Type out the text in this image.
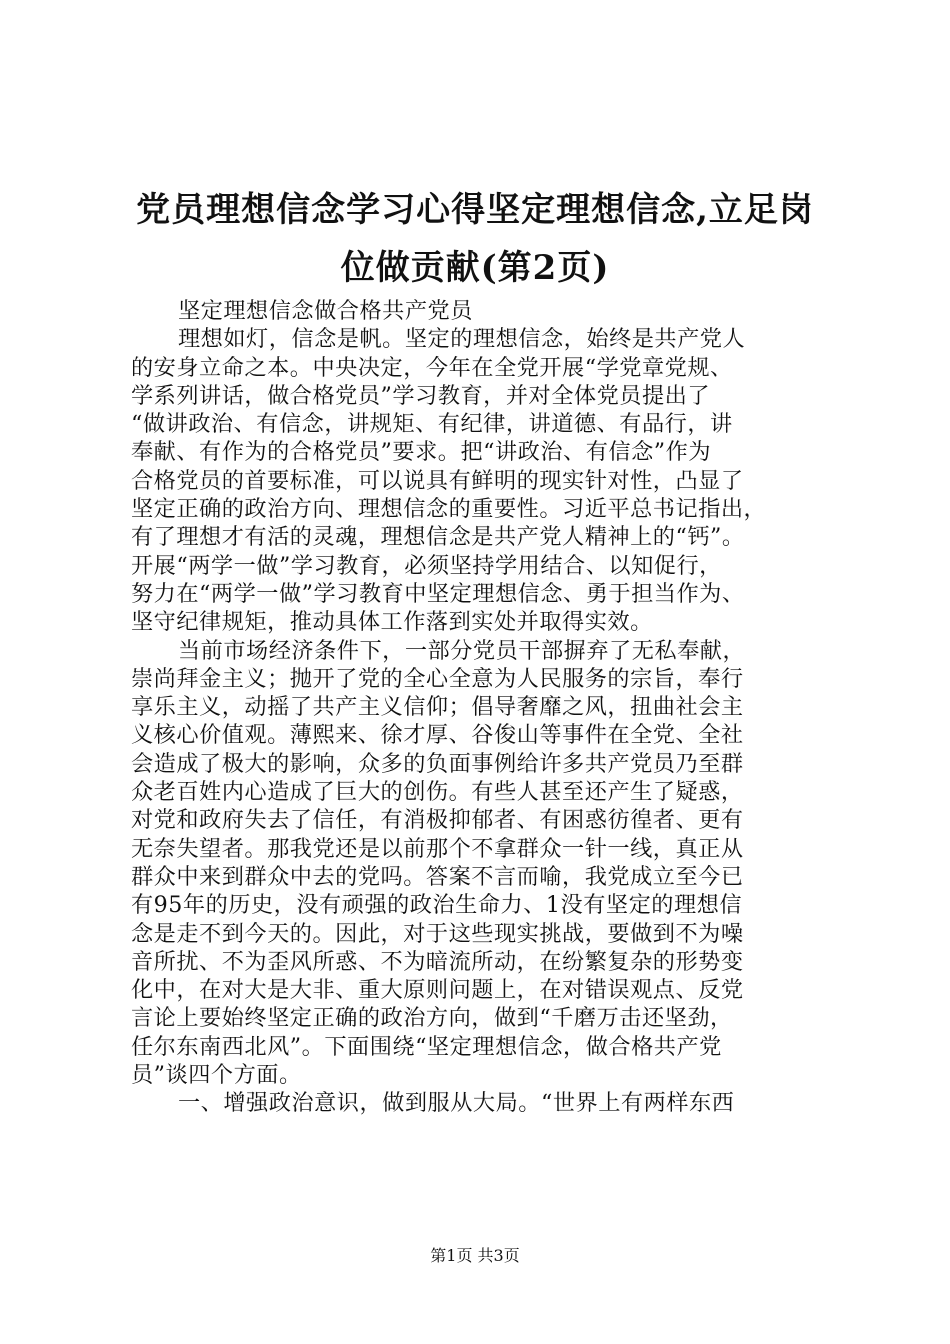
党员理想信念学习心得坚定理想信念,立足岗
位做贡献(第2页)
坚定理想信念做合格共产党员
理想如灯，信念是帆。坚定的理想信念，始终是共产党人
的安身立命之本。中央决定，今年在全党开展“学党章党规、
学系列讲话，做合格党员”学习教育，并对全体党员提出了
“做讲政治、有信念，讲规矩、有纪律，讲道德、有品行，讲
奉献、有作为的合格党员”要求。把“讲政治、有信念”作为
合格党员的首要标准，可以说具有鲜明的现实针对性，凸显了
坚定正确的政治方向、理想信念的重要性。习近平总书记指出，
有了理想才有活的灵魂，理想信念是共产党人精神上的“钙”。
开展“两学一做”学习教育，必须坚持学用结合、以知促行，
努力在“两学一做”学习教育中坚定理想信念、勇于担当作为、
坚守纪律规矩，推动具体工作落到实处并取得实效。
当前市场经济条件下，一部分党员干部摒弃了无私奉献，
崇尚拜金主义；抛开了党的全心全意为人民服务的宗旨，奉行
享乐主义，动摇了共产主义信仰；倡导奢靡之风，扭曲社会主
义核心价值观。薄熙来、徐才厚、谷俊山等事件在全党、全社
会造成了极大的影响，众多的负面事例给许多共产党员乃至群
众老百姓内心造成了巨大的创伤。有些人甚至还产生了疑惑，
对党和政府失去了信任，有消极抑郁者、有困惑彷徨者、更有
无奈失望者。那我党还是以前那个不拿群众一针一线，真正从
群众中来到群众中去的党吗。答案不言而喻，我党成立至今已
有95年的历史，没有顽强的政治生命力、1没有坚定的理想信
念是走不到今天的。因此，对于这些现实挑战，要做到不为噪
音所扰、不为歪风所惑、不为暗流所动，在纷繁复杂的形势变
化中，在对大是大非、重大原则问题上，在对错误观点、反党
言论上要始终坚定正确的政治方向，做到“千磨万击还坚劲，
任尔东南西北风”。下面围绕“坚定理想信念，做合格共产党
员”谈四个方面。
一、增强政治意识，做到服从大局。“世界上有两样东西
第1页 共3页
